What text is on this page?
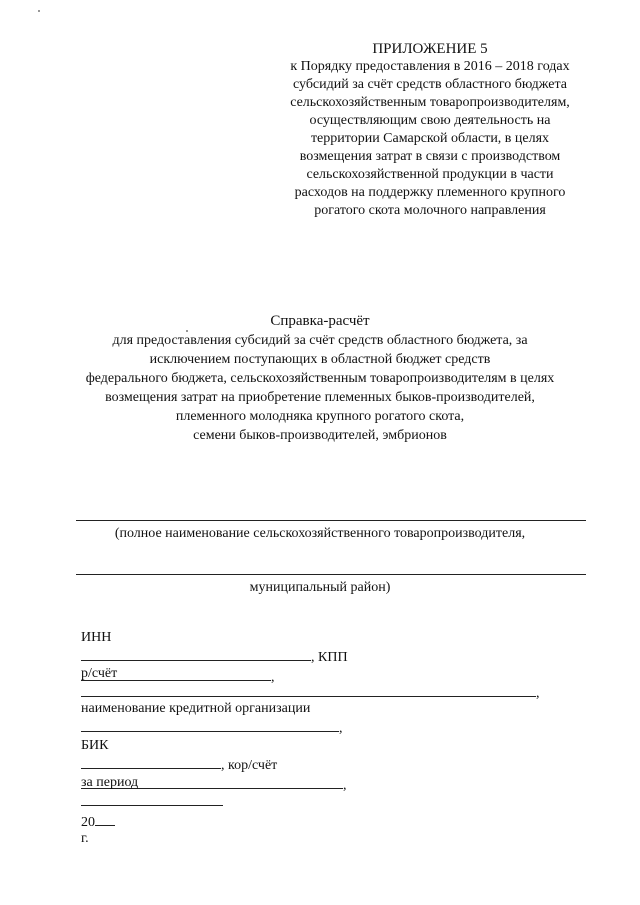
ПРИЛОЖЕНИЕ 5
к Порядку предоставления в 2016 – 2018 годах
субсидий за счёт средств областного бюджета
сельскохозяйственным товаропроизводителям,
осуществляющим свою деятельность на
территории Самарской области, в целях
возмещения затрат в связи с производством
сельскохозяйственной продукции в части
расходов на поддержку племенного крупного
рогатого скота молочного направления
Справка-расчёт
для предоставления субсидий за счёт средств областного бюджета, за
исключением поступающих в областной бюджет средств
федерального бюджета, сельскохозяйственным товаропроизводителям в целях
возмещения затрат на приобретение племенных быков-производителей,
племенного молодняка крупного рогатого скота,
семени быков-производителей, эмбрионов
(полное наименование сельскохозяйственного товаропроизводителя,
муниципальный район)

ИНН
, КПП
,

р/счёт
,

наименование кредитной организации
,

БИК
, кор/счёт
,

за период

20
г.
